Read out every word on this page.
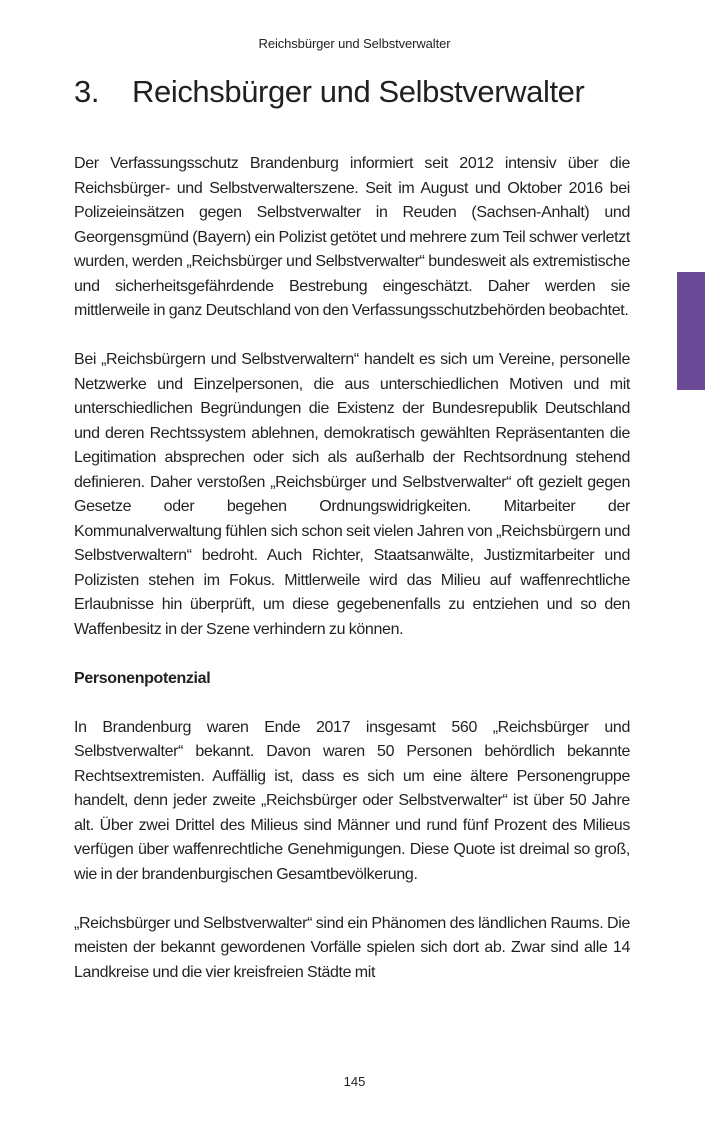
Reichsbürger und Selbstverwalter
3. Reichsbürger und Selbstverwalter

Der Verfassungsschutz Brandenburg informiert seit 2012 intensiv über die Reichsbürger- und Selbstverwalterszene. Seit im August und Oktober 2016 bei Polizeieinsätzen gegen Selbstverwalter in Reuden (Sachsen-Anhalt) und Georgensgmünd (Bayern) ein Polizist getötet und mehrere zum Teil schwer verletzt wurden, werden „Reichsbürger und Selbstverwalter“ bundesweit als extremistische und sicherheitsgefährdende Bestrebung eingeschätzt. Daher werden sie mittlerweile in ganz Deutschland von den Verfassungsschutzbehörden beobachtet.

Bei „Reichsbürgern und Selbstverwaltern“ handelt es sich um Vereine, personelle Netzwerke und Einzelpersonen, die aus unterschiedlichen Motiven und mit unterschiedlichen Begründungen die Existenz der Bundesrepublik Deutschland und deren Rechtssystem ablehnen, demokratisch gewählten Repräsentanten die Legitimation absprechen oder sich als außerhalb der Rechtsordnung stehend definieren. Daher verstoßen „Reichsbürger und Selbstverwalter“ oft gezielt gegen Gesetze oder begehen Ordnungswidrigkeiten. Mitarbeiter der Kommunalverwaltung fühlen sich schon seit vielen Jahren von „Reichsbürgern und Selbstverwaltern“ bedroht. Auch Richter, Staatsanwälte, Justizmitarbeiter und Polizisten stehen im Fokus. Mittlerweile wird das Milieu auf waffenrechtliche Erlaubnisse hin überprüft, um diese gegebenenfalls zu entziehen und so den Waffenbesitz in der Szene verhindern zu können.

Personenpotenzial

In Brandenburg waren Ende 2017 insgesamt 560 „Reichsbürger und Selbstverwalter“ bekannt. Davon waren 50 Personen behördlich bekannte Rechtsextremisten. Auffällig ist, dass es sich um eine ältere Personengruppe handelt, denn jeder zweite „Reichsbürger oder Selbstverwalter“ ist über 50 Jahre alt. Über zwei Drittel des Milieus sind Männer und rund fünf Prozent des Milieus verfügen über waffenrechtliche Genehmigungen. Diese Quote ist dreimal so groß, wie in der brandenburgischen Gesamtbevölkerung.

„Reichsbürger und Selbstverwalter“ sind ein Phänomen des ländlichen Raums. Die meisten der bekannt gewordenen Vorfälle spielen sich dort ab. Zwar sind alle 14 Landkreise und die vier kreisfreien Städte mit

145
